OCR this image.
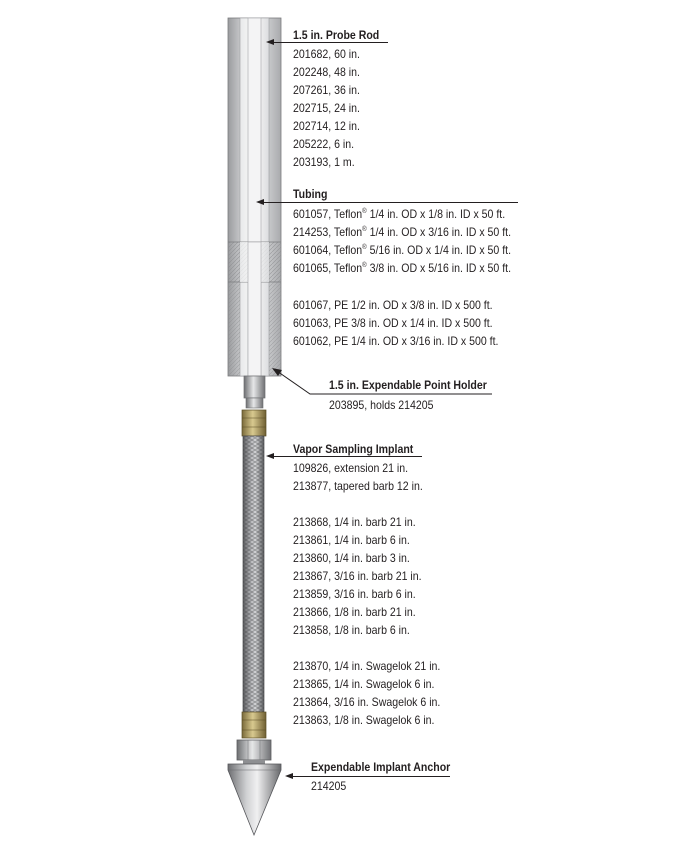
1.5 in. Probe Rod
201682, 60 in.
202248, 48 in.
207261, 36 in.
202715, 24 in.
202714, 12 in.
205222, 6 in.
203193, 1 m.
Tubing
601057, Teflon® 1/4 in. OD x 1/8 in. ID x 50 ft.
214253, Teflon® 1/4 in. OD x 3/16 in. ID x 50 ft.
601064, Teflon® 5/16 in. OD x 1/4 in. ID x 50 ft.
601065, Teflon® 3/8 in. OD x 5/16 in. ID x 50 ft.
601067, PE 1/2 in. OD x 3/8 in. ID x 500 ft.
601063, PE 3/8 in. OD x 1/4 in. ID x 500 ft.
601062, PE 1/4 in. OD x 3/16 in. ID x 500 ft.
1.5 in. Expendable Point Holder
203895, holds 214205
Vapor Sampling Implant
109826, extension 21 in.
213877, tapered barb 12 in.
213868, 1/4 in. barb 21 in.
213861, 1/4 in. barb 6 in.
213860, 1/4 in. barb 3 in.
213867, 3/16 in. barb 21 in.
213859, 3/16 in. barb 6 in.
213866, 1/8 in. barb 21 in.
213858, 1/8 in. barb 6 in.
213870, 1/4 in. Swagelok 21 in.
213865, 1/4 in. Swagelok 6 in.
213864, 3/16 in. Swagelok 6 in.
213863, 1/8 in. Swagelok 6 in.
Expendable Implant Anchor
214205
